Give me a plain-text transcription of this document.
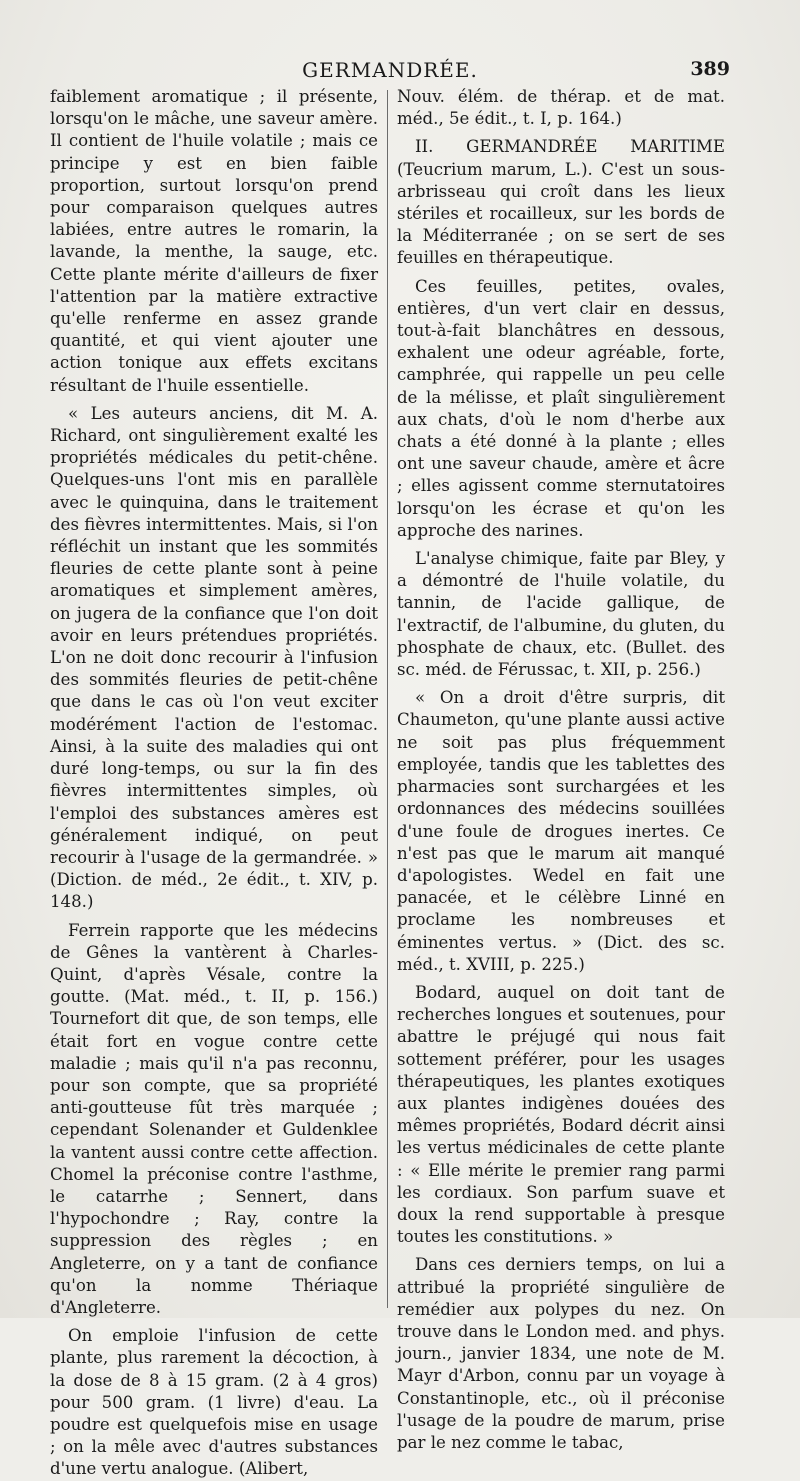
GERMANDRÉE.	389

faiblement aromatique ; il présente, lorsqu'on le mâche, une saveur amère. Il contient de l'huile volatile ; mais ce principe y est en bien faible proportion, surtout lorsqu'on prend pour comparaison quelques autres labiées, entre autres le romarin, la lavande, la menthe, la sauge, etc. Cette plante mérite d'ailleurs de fixer l'attention par la matière extractive qu'elle renferme en assez grande quantité, et qui vient ajouter une action tonique aux effets excitans résultant de l'huile essentielle.

« Les auteurs anciens, dit M. A. Richard, ont singulièrement exalté les propriétés médicales du petit-chêne. Quelques-uns l'ont mis en parallèle avec le quinquina, dans le traitement des fièvres intermittentes. Mais, si l'on réfléchit un instant que les sommités fleuries de cette plante sont à peine aromatiques et simplement amères, on jugera de la confiance que l'on doit avoir en leurs prétendues propriétés. L'on ne doit donc recourir à l'infusion des sommités fleuries de petit-chêne que dans le cas où l'on veut exciter modérément l'action de l'estomac. Ainsi, à la suite des maladies qui ont duré long-temps, ou sur la fin des fièvres intermittentes simples, où l'emploi des substances amères est généralement indiqué, on peut recourir à l'usage de la germandrée. » (Diction. de méd., 2e édit., t. XIV, p. 148.)

Ferrein rapporte que les médecins de Gênes la vantèrent à Charles-Quint, d'après Vésale, contre la goutte. (Mat. méd., t. II, p. 156.) Tournefort dit que, de son temps, elle était fort en vogue contre cette maladie ; mais qu'il n'a pas reconnu, pour son compte, que sa propriété anti-goutteuse fût très marquée ; cependant Solenander et Guldenklee la vantent aussi contre cette affection. Chomel la préconise contre l'asthme, le catarrhe ; Sennert, dans l'hypochondre ; Ray, contre la suppression des règles ; en Angleterre, on y a tant de confiance qu'on la nomme Thériaque d'Angleterre.

On emploie l'infusion de cette plante, plus rarement la décoction, à la dose de 8 à 15 gram. (2 à 4 gros) pour 500 gram. (1 livre) d'eau. La poudre est quelquefois mise en usage ; on la mêle avec d'autres substances d'une vertu analogue. (Alibert,

Nouv. élém. de thérap. et de mat. méd., 5e édit., t. I, p. 164.)

II. GERMANDRÉE MARITIME (Teucrium marum, L.). C'est un sous-arbrisseau qui croît dans les lieux stériles et rocailleux, sur les bords de la Méditerranée ; on se sert de ses feuilles en thérapeutique.

Ces feuilles, petites, ovales, entières, d'un vert clair en dessus, tout-à-fait blanchâtres en dessous, exhalent une odeur agréable, forte, camphrée, qui rappelle un peu celle de la mélisse, et plaît singulièrement aux chats, d'où le nom d'herbe aux chats a été donné à la plante ; elles ont une saveur chaude, amère et âcre ; elles agissent comme sternutatoires lorsqu'on les écrase et qu'on les approche des narines.

L'analyse chimique, faite par Bley, y a démontré de l'huile volatile, du tannin, de l'acide gallique, de l'extractif, de l'albumine, du gluten, du phosphate de chaux, etc. (Bullet. des sc. méd. de Férussac, t. XII, p. 256.)

« On a droit d'être surpris, dit Chaumeton, qu'une plante aussi active ne soit pas plus fréquemment employée, tandis que les tablettes des pharmacies sont surchargées et les ordonnances des médecins souillées d'une foule de drogues inertes. Ce n'est pas que le marum ait manqué d'apologistes. Wedel en fait une panacée, et le célèbre Linné en proclame les nombreuses et éminentes vertus. » (Dict. des sc. méd., t. XVIII, p. 225.)

Bodard, auquel on doit tant de recherches longues et soutenues, pour abattre le préjugé qui nous fait sottement préférer, pour les usages thérapeutiques, les plantes exotiques aux plantes indigènes douées des mêmes propriétés, Bodard décrit ainsi les vertus médicinales de cette plante : « Elle mérite le premier rang parmi les cordiaux. Son parfum suave et doux la rend supportable à presque toutes les constitutions. »

Dans ces derniers temps, on lui a attribué la propriété singulière de remédier aux polypes du nez. On trouve dans le London med. and phys. journ., janvier 1834, une note de M. Mayr d'Arbon, connu par un voyage à Constantinople, etc., où il préconise l'usage de la poudre de marum, prise par le nez comme le tabac,
